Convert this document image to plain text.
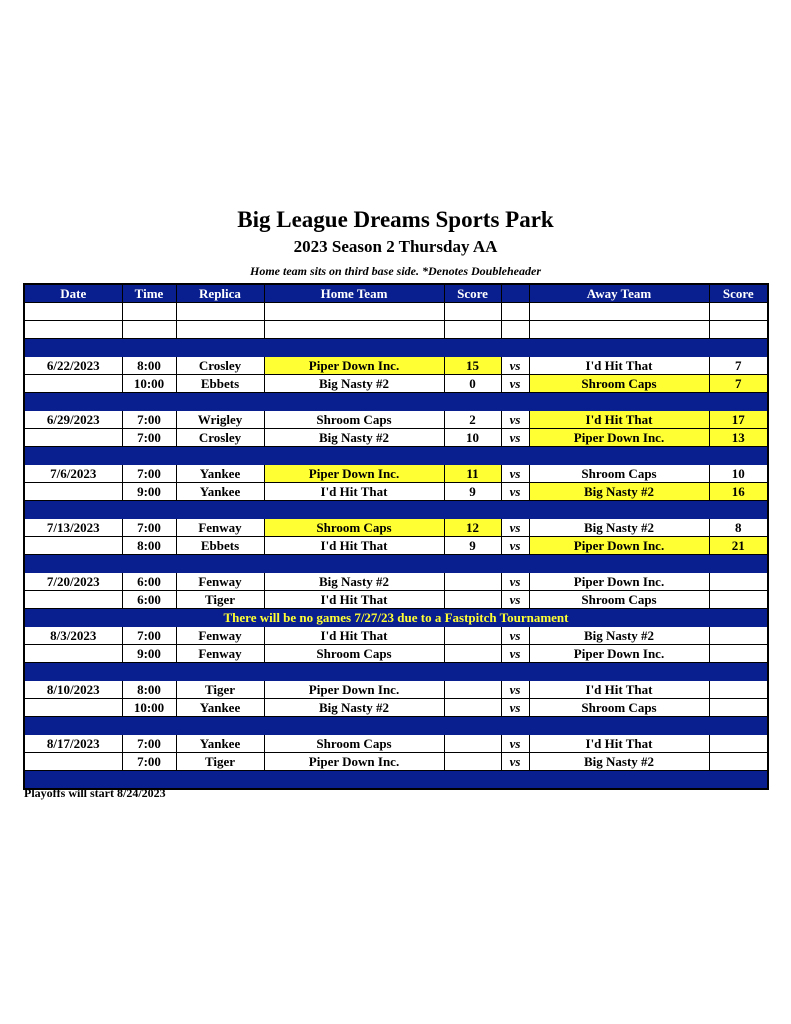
Big League Dreams Sports Park
2023 Season 2 Thursday AA
Home team sits on third base side. *Denotes Doubleheader
Date	Time	Replica	Home Team	Score		Away Team	Score

6/22/2023	8:00	Crosley	Piper Down Inc.	15	vs	I'd Hit That	7
	10:00	Ebbets	Big Nasty #2	0	vs	Shroom Caps	7

6/29/2023	7:00	Wrigley	Shroom Caps	2	vs	I'd Hit That	17
	7:00	Crosley	Big Nasty #2	10	vs	Piper Down Inc.	13

7/6/2023	7:00	Yankee	Piper Down Inc.	11	vs	Shroom Caps	10
	9:00	Yankee	I'd Hit That	9	vs	Big Nasty #2	16

7/13/2023	7:00	Fenway	Shroom Caps	12	vs	Big Nasty #2	8
	8:00	Ebbets	I'd Hit That	9	vs	Piper Down Inc.	21

7/20/2023	6:00	Fenway	Big Nasty #2		vs	Piper Down Inc.	
	6:00	Tiger	I'd Hit That		vs	Shroom Caps	
There will be no games 7/27/23 due to a Fastpitch Tournament							
8/3/2023	7:00	Fenway	I'd Hit That		vs	Big Nasty #2	
	9:00	Fenway	Shroom Caps		vs	Piper Down Inc.	

8/10/2023	8:00	Tiger	Piper Down Inc.		vs	I'd Hit That	
	10:00	Yankee	Big Nasty #2		vs	Shroom Caps	

8/17/2023	7:00	Yankee	Shroom Caps		vs	I'd Hit That	
	7:00	Tiger	Piper Down Inc.		vs	Big Nasty #2	

Playoffs will start 8/24/2023
